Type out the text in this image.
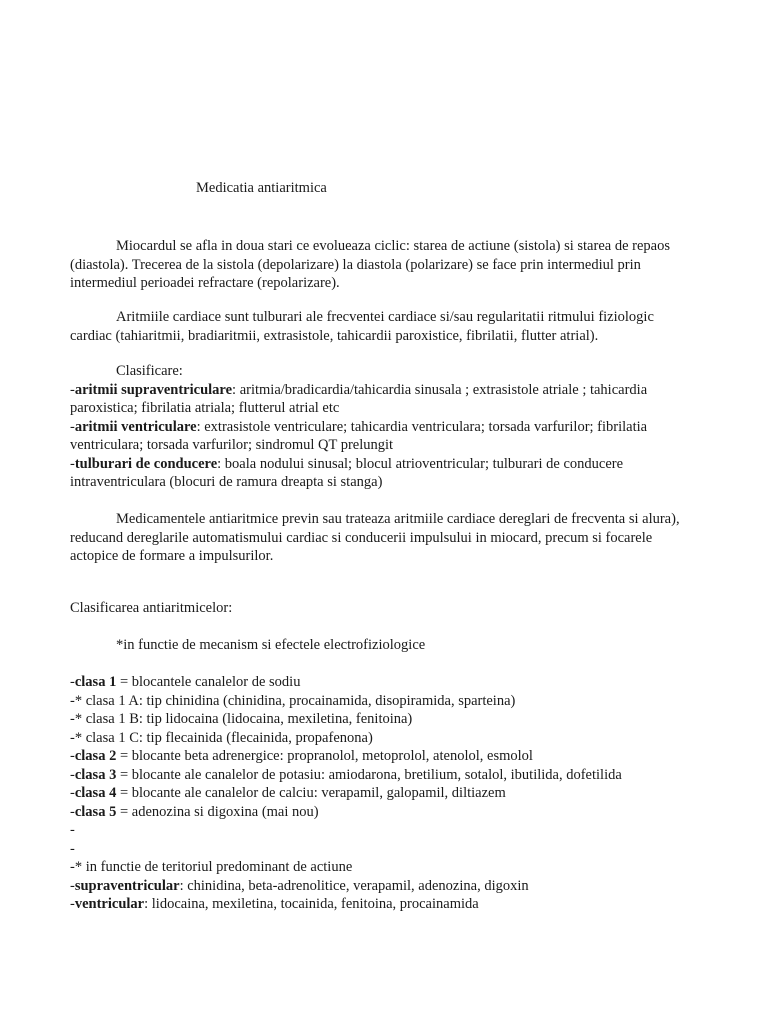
Medicatia antiaritmica

Miocardul se afla in doua stari ce evolueaza ciclic: starea de actiune (sistola) si starea de repaos (diastola). Trecerea de la sistola (depolarizare) la diastola (polarizare) se face prin intermediul prin intermediul perioadei refractare (repolarizare).

Aritmiile cardiace sunt tulburari ale frecventei cardiace si/sau regularitatii ritmului fiziologic cardiac (tahiaritmii, bradiaritmii, extrasistole, tahicardii paroxistice, fibrilatii, flutter atrial).

Clasificare:

-aritmii supraventriculare: aritmia/bradicardia/tahicardia sinusala ; extrasistole atriale ; tahicardia paroxistica; fibrilatia atriala; flutterul atrial etc

-aritmii ventriculare: extrasistole ventriculare; tahicardia ventriculara; torsada varfurilor; fibrilatia ventriculara; torsada varfurilor; sindromul QT prelungit

-tulburari de conducere: boala nodului sinusal; blocul atrioventricular; tulburari de conducere intraventriculara (blocuri de ramura dreapta si stanga)

Medicamentele antiaritmice previn sau trateaza aritmiile cardiace dereglari de frecventa si alura), reducand dereglarile automatismului cardiac si conducerii impulsului in miocard, precum si focarele actopice de formare a impulsurilor.

Clasificarea antiaritmicelor:

*in functie de mecanism si efectele electrofiziologice

-clasa 1 = blocantele canalelor de sodiu

-* clasa 1 A: tip chinidina (chinidina, procainamida, disopiramida, sparteina)

-* clasa 1 B: tip lidocaina (lidocaina, mexiletina, fenitoina)

-* clasa 1 C: tip flecainida (flecainida, propafenona)

-clasa 2 = blocante beta adrenergice: propranolol, metoprolol, atenolol, esmolol

-clasa 3 = blocante ale canalelor de potasiu: amiodarona, bretilium, sotalol, ibutilida, dofetilida

-clasa 4 = blocante ale canalelor de calciu: verapamil, galopamil, diltiazem

-clasa 5 = adenozina si digoxina (mai nou)

-

-

-* in functie de teritoriul predominant de actiune

-supraventricular: chinidina, beta-adrenolitice, verapamil, adenozina, digoxin

-ventricular: lidocaina, mexiletina, tocainida, fenitoina, procainamida
